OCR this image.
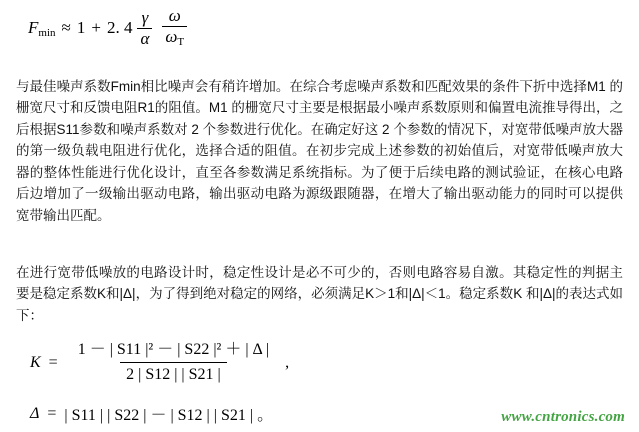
$F_{min} \approx 1 + 2$. $4 \frac{\gamma}{\alpha} \frac{\omega}{\omega_T}$

与最佳噪声系数Fmin相比噪声会有稍许增加。在综合考虑噪声系数和匹配效果的条件下折中选择M1 的栅宽尺寸和反馈电阻R1的阻值。M1 的栅宽尺寸主要是根据最小噪声系数原则和偏置电流推导得出，之后根据S11参数和噪声系数对 2 个参数进行优化。在确定好这 2 个参数的情况下，对宽带低噪声放大器的第一级负载电阻进行优化，选择合适的阻值。在初步完成上述参数的初始值后，对宽带低噪声放大器的整体性能进行优化设计，直至各参数满足系统指标。为了便于后续电路的测试验证，在核心电路后边增加了一级输出驱动电路，输出驱动电路为源级跟随器，在增大了输出驱动能力的同时可以提供宽带输出匹配。

在进行宽带低噪放的电路设计时，稳定性设计是必不可少的，否则电路容易自激。其稳定性的判据主要是稳定系数K和|Δ|，为了得到绝对稳定的网络，必须满足K＞1和|Δ|＜1。稳定系数K 和|Δ|的表达式如下：

$K = \frac{\text{1 － | S11 |² － | S22 |² ＋ | Δ |}}{2 | S12 | | S21 |}$ ,
Δ = | S11 | | S22 | － | S12 | | S21 | 。	www.cntronics.com
